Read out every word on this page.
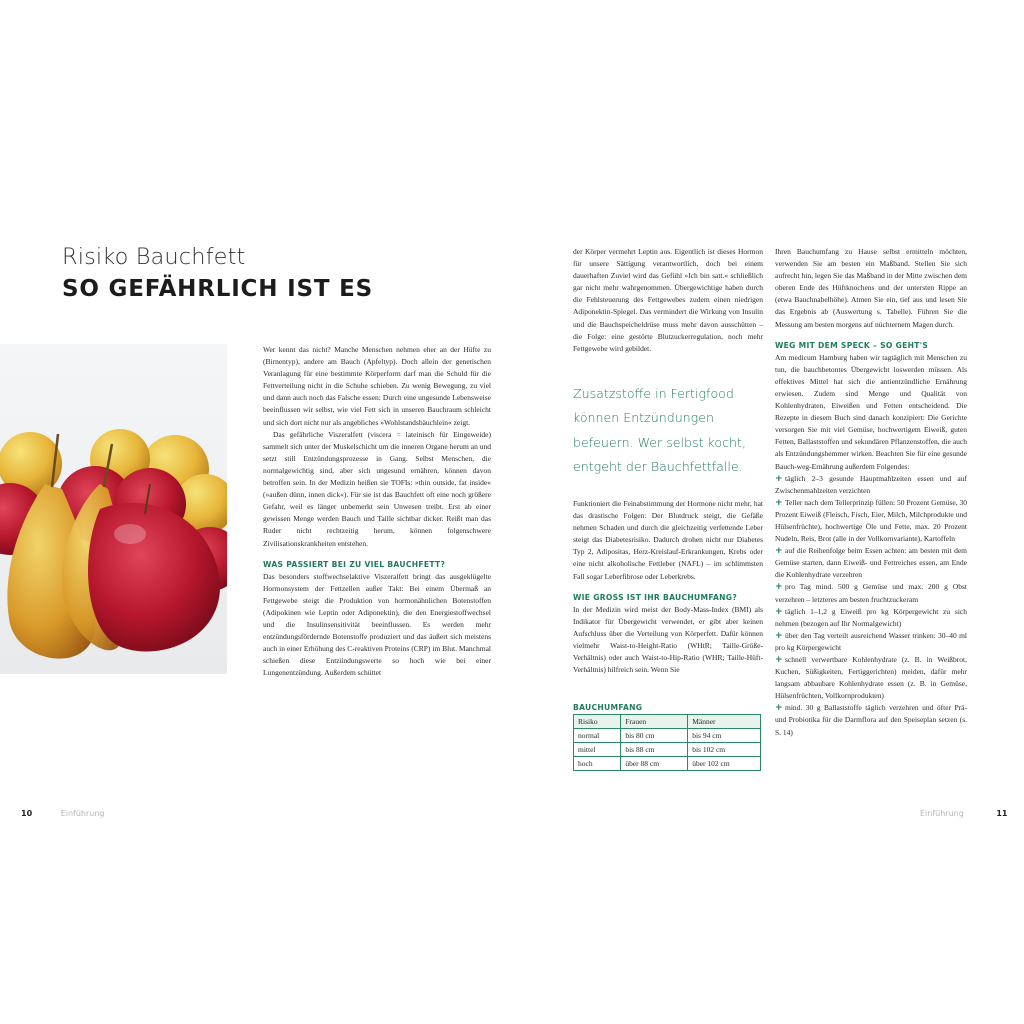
Risiko Bauchfett
SO GEFÄHRLICH IST ES

Wer kennt das nicht? Manche Menschen nehmen eher an der Hüfte zu (Birnentyp), andere am Bauch (Apfeltyp). Doch allein der genetischen Veranlagung für eine bestimmte Körperform darf man die Schuld für die Fettverteilung nicht in die Schuhe schieben. Zu wenig Bewegung, zu viel und dann auch noch das Falsche essen: Durch eine ungesunde Lebensweise beeinflussen wir selbst, wie viel Fett sich in unseren Bauchraum schleicht und sich dort nicht nur als angebliches »Wohlstandsbäuchlein« zeigt.

Das gefährliche Viszeralfett (viscera = lateinisch für Eingeweide) sammelt sich unter der Muskelschicht um die inneren Organe herum an und setzt still Entzündungsprozesse in Gang. Selbst Menschen, die normalgewichtig sind, aber sich ungesund ernähren, können davon betroffen sein. In der Medizin heißen sie TOFIs: »thin outside, fat inside« (»außen dünn, innen dick«). Für sie ist das Bauchfett oft eine noch größere Gefahr, weil es länger unbemerkt sein Unwesen treibt. Erst ab einer gewissen Menge werden Bauch und Taille sichtbar dicker. Reißt man das Ruder nicht rechtzeitig herum, können folgenschwere Zivilisationskrankheiten entstehen.

WAS PASSIERT BEI ZU VIEL BAUCHFETT?

Das besonders stoffwechselaktive Viszeralfett bringt das ausgeklügelte Hormonsystem der Fettzellen außer Takt: Bei einem Übermaß an Fettgewebe steigt die Produktion von hormonähnlichen Botenstoffen (Adipokinen wie Leptin oder Adiponektin), die den Energiestoffwechsel und die Insulinsensitivität beeinflussen. Es werden mehr entzündungsfördernde Botenstoffe produziert und das äußert sich meistens auch in einer Erhöhung des C-reaktiven Proteins (CRP) im Blut. Manchmal schießen diese Entzündungswerte so hoch wie bei einer Lungenentzündung. Außerdem schüttet

10	Einführung

der Körper vermehrt Leptin aus. Eigentlich ist dieses Hormon für unsere Sättigung verantwortlich, doch bei einem dauerhaften Zuviel wird das Gefühl »Ich bin satt.« schließlich gar nicht mehr wahrgenommen. Übergewichtige haben durch die Fehlsteuerung des Fettgewebes zudem einen niedrigen Adiponektin-Spiegel. Das vermindert die Wirkung von Insulin und die Bauchspeicheldrüse muss mehr davon ausschütten – die Folge: eine gestörte Blutzuckerregulation, noch mehr Fettgewebe wird gebildet.

Zusatzstoffe in Fertigfood können Entzündungen befeuern. Wer selbst kocht, entgeht der Bauchfettfalle.

Funktioniert die Feinabstimmung der Hormone nicht mehr, hat das drastische Folgen: Der Blutdruck steigt, die Gefäße nehmen Schaden und durch die gleichzeitig verfettende Leber steigt das Diabetesrisiko. Dadurch drohen nicht nur Diabetes Typ 2, Adipositas, Herz-Kreislauf-Erkrankungen, Krebs oder eine nicht alkoholische Fettleber (NAFL) – im schlimmsten Fall sogar Leberfibrose oder Leberkrebs.

WIE GROSS IST IHR BAUCHUMFANG?

In der Medizin wird meist der Body-Mass-Index (BMI) als Indikator für Übergewicht verwendet, er gibt aber keinen Aufschluss über die Verteilung von Körperfett. Dafür können vielmehr Waist-to-Height-Ratio (WHtR; Taille-Größe-Verhältnis) oder auch Waist-to-Hip-Ratio (WHR; Taille-Hüft-Verhältnis) hilfreich sein. Wenn Sie

BAUCHUMFANG
Risiko	Frauen	Männer
normal	bis 80 cm	bis 94 cm
mittel	bis 88 cm	bis 102 cm
hoch	über 88 cm	über 102 cm

Ihren Bauchumfang zu Hause selbst ermitteln möchten, verwenden Sie am besten ein Maßband. Stellen Sie sich aufrecht hin, legen Sie das Maßband in der Mitte zwischen dem oberen Ende des Hüftknochens und der untersten Rippe an (etwa Bauchnabelhöhe). Atmen Sie ein, tief aus und lesen Sie das Ergebnis ab (Auswertung s. Tabelle). Führen Sie die Messung am besten morgens auf nüchternem Magen durch.

WEG MIT DEM SPECK – SO GEHT'S

Am medicum Hamburg haben wir tagtäglich mit Menschen zu tun, die bauchbetontes Übergewicht loswerden müssen. Als effektives Mittel hat sich die antientzündliche Ernährung erwiesen. Zudem sind Menge und Qualität von Kohlenhydraten, Eiweißen und Fetten entscheidend. Die Rezepte in diesem Buch sind danach konzipiert: Die Gerichte versorgen Sie mit viel Gemüse, hochwertigem Eiweiß, guten Fetten, Ballaststoffen und sekundären Pflanzenstoffen, die auch als Entzündungshemmer wirken. Beachten Sie für eine gesunde Bauch-weg-Ernährung außerdem Folgendes:

+ täglich 2–3 gesunde Hauptmahlzeiten essen und auf Zwischenmahlzeiten verzichten
+ Teller nach dem Tellerprinzip füllen: 50 Prozent Gemüse, 30 Prozent Eiweiß (Fleisch, Fisch, Eier, Milch, Milchprodukte und Hülsenfrüchte), hochwertige Öle und Fette, max. 20 Prozent Nudeln, Reis, Brot (alle in der Vollkornvariante), Kartoffeln
+ auf die Reihenfolge beim Essen achten: am besten mit dem Gemüse starten, dann Eiweiß- und Fettreiches essen, am Ende die Kohlenhydrate verzehren
+ pro Tag mind. 500 g Gemüse und max. 200 g Obst verzehren – letzteres am besten fruchtzuckeram
+ täglich 1–1,2 g Eiweiß pro kg Körpergewicht zu sich nehmen (bezogen auf Ihr Normalgewicht)
+ über den Tag verteilt ausreichend Wasser trinken: 30–40 ml pro kg Körpergewicht
+ schnell verwertbare Kohlenhydrate (z. B. in Weißbrot, Kuchen, Süßigkeiten, Fertiggerichten) meiden, dafür mehr langsam abbaubare Kohlenhydrate essen (z. B. in Gemüse, Hülsenfrüchten, Vollkornprodukten)
+ mind. 30 g Ballaststoffe täglich verzehren und öfter Prä- und Probiotika für die Darmflora auf den Speiseplan setzen (s. S. 14)
Einführung	11
